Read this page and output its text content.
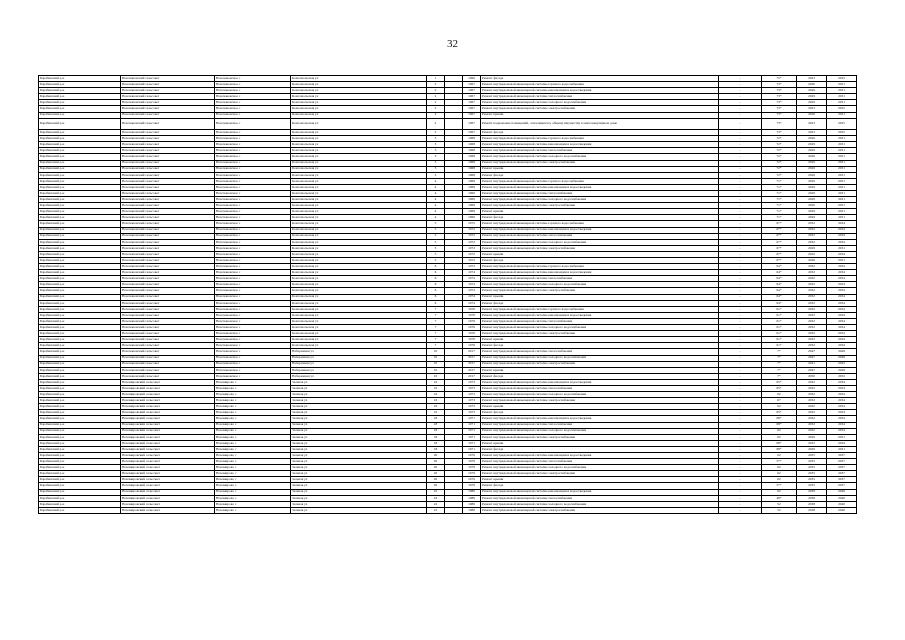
32
Барабинский р-н	Новочановский сельсовет	Новочановское с	Комсомольская ул	1		1966	Ремонт фасада	-	75*	2023	2025
Барабинский р-н	Новочановский сельсовет	Новочановское с	Комсомольская ул	2		1967	Ремонт внутридомовой инженерной системы горячего водоснабжения	-	73*	2020	2031
Барабинский р-н	Новочановский сельсовет	Новочановское с	Комсомольская ул	2		1967	Ремонт внутридомовой инженерной системы канализации и водоотведения	-	73*	2029	2031
Барабинский р-н	Новочановский сельсовет	Новочановское с	Комсомольская ул	2		1967	Ремонт внутридомовой инженерной системы теплоснабжения	-	73*	2029	2031
Барабинский р-н	Новочановский сельсовет	Новочановское с	Комсомольская ул	2		1967	Ремонт внутридомовой инженерной системы холодного водоснабжения	-	73*	2029	2031
Барабинский р-н	Новочановский сельсовет	Новочановское с	Комсомольская ул	2		1967	Ремонт внутридомовой инженерной системы электроснабжения	-	73*	2023	2025
Барабинский р-н	Новочановский сельсовет	Новочановское с	Комсомольская ул	2		1967	Ремонт крыши	-	73*	2026	2031
Барабинский р-н	Новочановский сельсовет	Новочановское с	Комсомольская ул	2		1967	Ремонт подвальных помещений, относящихся к общему имуществу в многоквартирном доме	-	73*	2023	2025
Барабинский р-н	Новочановский сельсовет	Новочановское с	Комсомольская ул	2		1967	Ремонт фасада	-	73*	2023	2025
Барабинский р-н	Новочановский сельсовет	Новочановское с	Комсомольская ул	3		1968	Ремонт внутридомовой инженерной системы горячего водоснабжения	-	72*	2026	2031
Барабинский р-н	Новочановский сельсовет	Новочановское с	Комсомольская ул	3		1968	Ремонт внутридомовой инженерной системы канализации и водоотведения	-	72*	2029	2031
Барабинский р-н	Новочановский сельсовет	Новочановское с	Комсомольская ул	3		1968	Ремонт внутридомовой инженерной системы теплоснабжения	-	72*	2029	2031
Барабинский р-н	Новочановский сельсовет	Новочановское с	Комсомольская ул	3		1968	Ремонт внутридомовой инженерной системы холодного водоснабжения	-	72*	2026	2031
Барабинский р-н	Новочановский сельсовет	Новочановское с	Комсомольская ул	3		1968	Ремонт внутридомовой инженерной системы электроснабжения	-	72*	2029	2031
Барабинский р-н	Новочановский сельсовет	Новочановское с	Комсомольская ул	3		1968	Ремонт крыши	-	72*	2029	2031
Барабинский р-н	Новочановский сельсовет	Новочановское с	Комсомольская ул	3		1968	Ремонт фасада	-	72*	2026	2031
Барабинский р-н	Новочановский сельсовет	Новочановское с	Комсомольская ул	4		1969	Ремонт внутридомовой инженерной системы горячего водоснабжения	-	71*	2029	2031
Барабинский р-н	Новочановский сельсовет	Новочановское с	Комсомольская ул	4		1969	Ремонт внутридомовой инженерной системы канализации и водоотведения	-	71*	2029	2031
Барабинский р-н	Новочановский сельсовет	Новочановское с	Комсомольская ул	4		1969	Ремонт внутридомовой инженерной системы теплоснабжения	-	71*	2026	2031
Барабинский р-н	Новочановский сельсовет	Новочановское с	Комсомольская ул	4		1969	Ремонт внутридомовой инженерной системы холодного водоснабжения	-	71*	2029	2031
Барабинский р-н	Новочановский сельсовет	Новочановское с	Комсомольская ул	4		1969	Ремонт внутридомовой инженерной системы электроснабжения	-	71*	2026	2031
Барабинский р-н	Новочановский сельсовет	Новочановское с	Комсомольская ул	4		1969	Ремонт крыши	-	71*	2029	2031
Барабинский р-н	Новочановский сельсовет	Новочановское с	Комсомольская ул	4		1969	Ремонт фасада	-	71*	2029	2031
Барабинский р-н	Новочановский сельсовет	Новочановское с	Комсомольская ул	5		1972	Ремонт внутридомовой инженерной системы горячего водоснабжения	-	67*	2032	2034
Барабинский р-н	Новочановский сельсовет	Новочановское с	Комсомольская ул	5		1972	Ремонт внутридомовой инженерной системы канализации и водоотведения	-	67*	2032	2034
Барабинский р-н	Новочановский сельсовет	Новочановское с	Комсомольская ул	5		1972	Ремонт внутридомовой инженерной системы теплоснабжения	-	67*	2032	2034
Барабинский р-н	Новочановский сельсовет	Новочановское с	Комсомольская ул	5		1972	Ремонт внутридомовой инженерной системы холодного водоснабжения	-	67*	2032	2034
Барабинский р-н	Новочановский сельсовет	Новочановское с	Комсомольская ул	5		1972	Ремонт внутридомовой инженерной системы электроснабжения	-	67*	2029	2031
Барабинский р-н	Новочановский сельсовет	Новочановское с	Комсомольская ул	5		1972	Ремонт крыши	-	67*	2032	2034
Барабинский р-н	Новочановский сельсовет	Новочановское с	Комсомольская ул	5		1972	Ремонт фасада	-	67*	2026	2031
Барабинский р-н	Новочановский сельсовет	Новочановское с	Комсомольская ул	6		1974	Ремонт внутридомовой инженерной системы горячего водоснабжения	-	64*	2032	2034
Барабинский р-н	Новочановский сельсовет	Новочановское с	Комсомольская ул	6		1974	Ремонт внутридомовой инженерной системы канализации и водоотведения	-	64*	2032	2034
Барабинский р-н	Новочановский сельсовет	Новочановское с	Комсомольская ул	6		1974	Ремонт внутридомовой инженерной системы теплоснабжения	-	64*	2032	2034
Барабинский р-н	Новочановский сельсовет	Новочановское с	Комсомольская ул	6		1974	Ремонт внутридомовой инженерной системы холодного водоснабжения	-	64*	2032	2034
Барабинский р-н	Новочановский сельсовет	Новочановское с	Комсомольская ул	6		1974	Ремонт внутридомовой инженерной системы электроснабжения	-	64*	2032	2034
Барабинский р-н	Новочановский сельсовет	Новочановское с	Комсомольская ул	6		1974	Ремонт крыши	-	64*	2032	2034
Барабинский р-н	Новочановский сельсовет	Новочановское с	Комсомольская ул	6		1974	Ремонт фасада	-	64*	2032	2034
Барабинский р-н	Новочановский сельсовет	Новочановское с	Комсомольская ул	7		1976	Ремонт внутридомовой инженерной системы горячего водоснабжения	-	61*	2032	2034
Барабинский р-н	Новочановский сельсовет	Новочановское с	Комсомольская ул	7		1976	Ремонт внутридомовой инженерной системы канализации и водоотведения	-	61*	2032	2034
Барабинский р-н	Новочановский сельсовет	Новочановское с	Комсомольская ул	7		1976	Ремонт внутридомовой инженерной системы теплоснабжения	-	61*	2032	2034
Барабинский р-н	Новочановский сельсовет	Новочановское с	Комсомольская ул	7		1976	Ремонт внутридомовой инженерной системы холодного водоснабжения	-	61*	2032	2034
Барабинский р-н	Новочановский сельсовет	Новочановское с	Комсомольская ул	7		1976	Ремонт внутридомовой инженерной системы электроснабжения	-	61*	2032	2034
Барабинский р-н	Новочановский сельсовет	Новочановское с	Комсомольская ул	7		1976	Ремонт крыши	-	61*	2032	2034
Барабинский р-н	Новочановский сельсовет	Новочановское с	Комсомольская ул	7		1976	Ремонт фасада	-	61*	2032	2034
Барабинский р-н	Новочановский сельсовет	Новочановское с	Набережная ул	10		2017	Ремонт внутридомовой инженерной системы теплоснабжения	-	7*	2047	2049
Барабинский р-н	Новочановский сельсовет	Новочановское с	Набережная ул	10		2017	Ремонт внутридомовой инженерной системы холодного водоснабжения	-	7*	2047	2049
Барабинский р-н	Новочановский сельсовет	Новочановское с	Набережная ул	10		2017	Ремонт внутридомовой инженерной системы электроснабжения	-	7*	2041	2043
Барабинский р-н	Новочановский сельсовет	Новочановское с	Набережная ул	10		2017	Ремонт крыши	-	7*	2047	2049
Барабинский р-н	Новочановский сельсовет	Новочановское с	Набережная ул	10		2017	Ремонт фасада	-	7*	2050	2052
Барабинский р-н	Новомировский сельсовет	Новомирово с	Зеленая ул	16		1973	Ремонт внутридомовой инженерной системы канализации и водоотведения	-	65*	2032	2034
Барабинский р-н	Новомировский сельсовет	Новомирово с	Зеленая ул	16		1973	Ремонт внутридомовой инженерной системы теплоснабжения	-	65*	2032	2034
Барабинский р-н	Новомировский сельсовет	Новомирово с	Зеленая ул	16		1973	Ремонт внутридомовой инженерной системы холодного водоснабжения	-	62	2032	2034
Барабинский р-н	Новомировский сельсовет	Новомирово с	Зеленая ул	16		1973	Ремонт внутридомовой инженерной системы электроснабжения	-	67	2032	2034
Барабинский р-н	Новомировский сельсовет	Новомирово с	Зеленая ул	16		1973	Ремонт крыши	-	62	2032	2034
Барабинский р-н	Новомировский сельсовет	Новомирово с	Зеленая ул	16		1973	Ремонт фасада	-	65*	2032	2034
Барабинский р-н	Новомировский сельсовет	Новомирово с	Зеленая ул	18		1971	Ремонт внутридомовой инженерной системы канализации и водоотведения	-	68*	2032	2034
Барабинский р-н	Новомировский сельсовет	Новомирово с	Зеленая ул	18		1971	Ремонт внутридомовой инженерной системы теплоснабжения	-	68*	2032	2034
Барабинский р-н	Новомировский сельсовет	Новомирово с	Зеленая ул	18		1971	Ремонт внутридомовой инженерной системы холодного водоснабжения	-	62	2032	2034
Барабинский р-н	Новомировский сельсовет	Новомирово с	Зеленая ул	18		1971	Ремонт внутридомовой инженерной системы электроснабжения	-	62	2029	2031
Барабинский р-н	Новомировский сельсовет	Новомирово с	Зеленая ул	18		1971	Ремонт крыши	-	68*	2032	2034
Барабинский р-н	Новомировский сельсовет	Новомирово с	Зеленая ул	18		1971	Ремонт фасада	-	68*	2029	2031
Барабинский р-н	Новомировский сельсовет	Новомирово с	Зеленая ул	20		1979	Ремонт внутридомовой инженерной системы канализации и водоотведения	-	62	2035	2037
Барабинский р-н	Новомировский сельсовет	Новомирово с	Зеленая ул	20		1979	Ремонт внутридомовой инженерной системы теплоснабжения	-	57*	2035	2037
Барабинский р-н	Новомировский сельсовет	Новомирово с	Зеленая ул	20		1979	Ремонт внутридомовой инженерной системы холодного водоснабжения	-	62	2035	2037
Барабинский р-н	Новомировский сельсовет	Новомирово с	Зеленая ул	20		1979	Ремонт внутридомовой инженерной системы электроснабжения	-	62	2035	2037
Барабинский р-н	Новомировский сельсовет	Новомирово с	Зеленая ул	20		1979	Ремонт крыши	-	62	2035	2037
Барабинский р-н	Новомировский сельсовет	Новомирово с	Зеленая ул	20		1979	Ремонт фасада	-	57*	2035	2037
Барабинский р-н	Новомировский сельсовет	Новомирово с	Зеленая ул	22		1986	Ремонт внутридомовой инженерной системы канализации и водоотведения	-	62	2038	2040
Барабинский р-н	Новомировский сельсовет	Новомирово с	Зеленая ул	22		1986	Ремонт внутридомовой инженерной системы теплоснабжения	-	48*	2038	2040
Барабинский р-н	Новомировский сельсовет	Новомирово с	Зеленая ул	22		1986	Ремонт внутридомовой инженерной системы холодного водоснабжения	-	52	2038	2040
Барабинский р-н	Новомировский сельсовет	Новомирово с	Зеленая ул	22		1986	Ремонт внутридомовой инженерной системы электроснабжения	-	52	2038	2040
